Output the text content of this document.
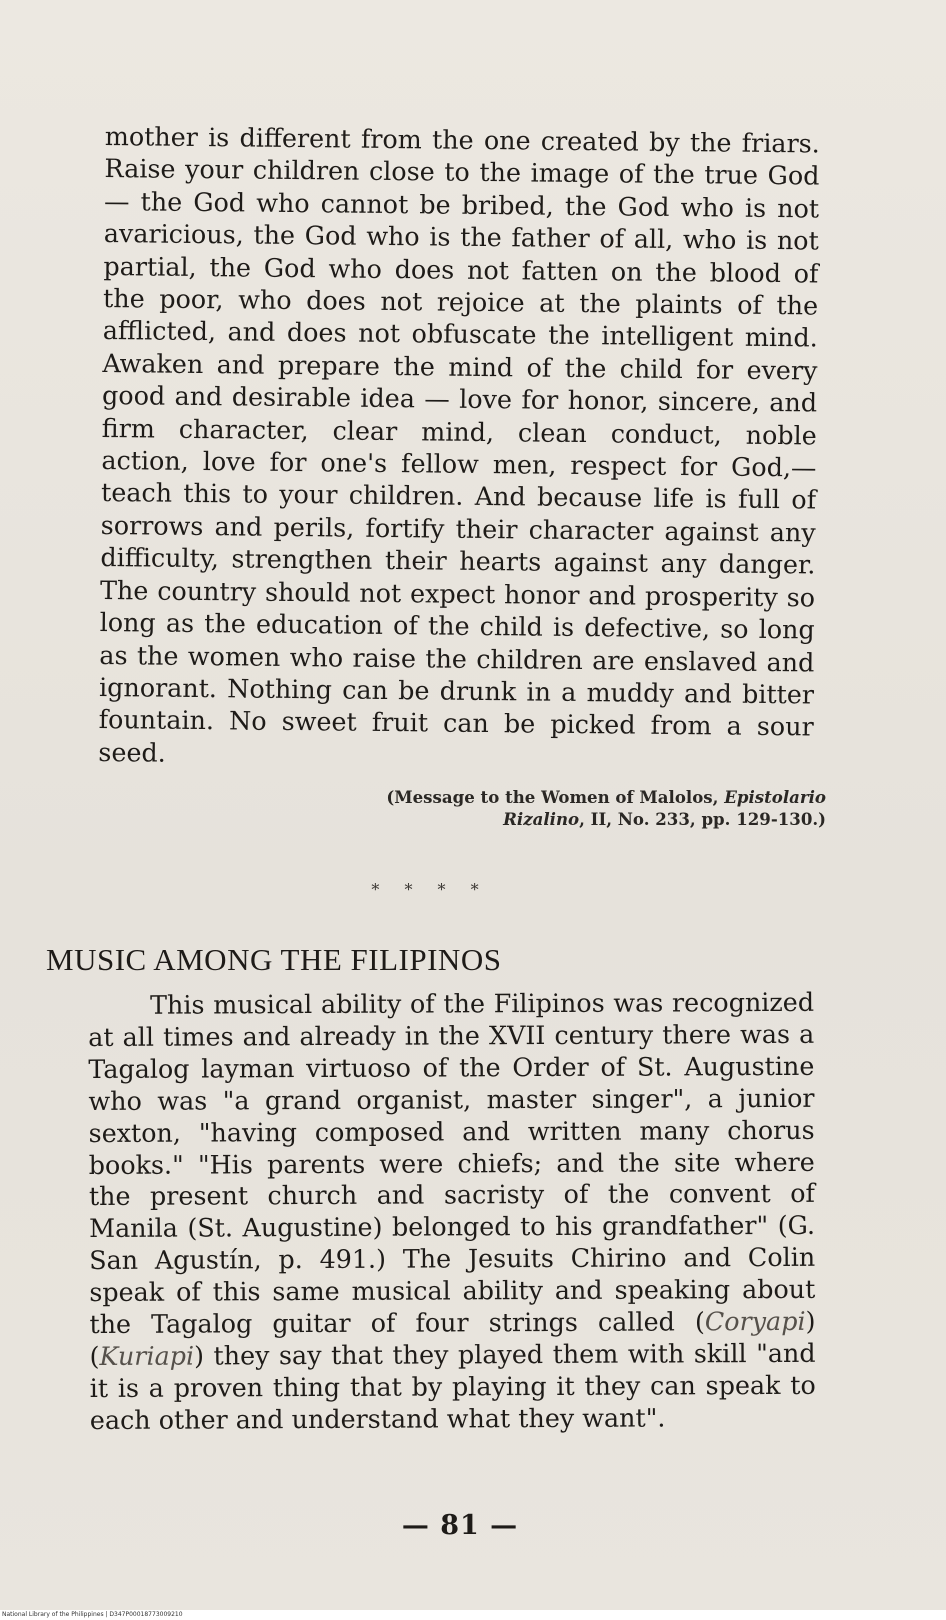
mother is different from the one created by the friars. Raise your children close to the image of the true God — the God who cannot be bribed, the God who is not avaricious, the God who is the father of all, who is not partial, the God who does not fatten on the blood of the poor, who does not rejoice at the plaints of the afflicted, and does not obfuscate the intelligent mind. Awaken and prepare the mind of the child for every good and desirable idea — love for honor, sincere, and firm character, clear mind, clean conduct, noble action, love for one's fellow men, respect for God,— teach this to your children. And because life is full of sorrows and perils, fortify their character against any difficulty, strengthen their hearts against any danger. The country should not expect honor and prosperity so long as the education of the child is defective, so long as the women who raise the children are enslaved and ignorant. Nothing can be drunk in a muddy and bitter fountain. No sweet fruit can be picked from a sour seed.

(Message to the Women of Malolos, Epistolario Rizalino, II, No. 233, pp. 129-130.)

* * * *
MUSIC AMONG THE FILIPINOS

This musical ability of the Filipinos was recognized at all times and already in the XVII century there was a Tagalog layman virtuoso of the Order of St. Augustine who was "a grand organist, master singer", a junior sexton, "having composed and written many chorus books." "His parents were chiefs; and the site where the present church and sacristy of the convent of Manila (St. Augustine) belonged to his grandfather" (G. San Agustín, p. 491.) The Jesuits Chirino and Colin speak of this same musical ability and speaking about the Tagalog guitar of four strings called (Coryapi) (Kuriapi) they say that they played them with skill "and it is a proven thing that by playing it they can speak to each other and understand what they want".

— 81 —
National Library of the Philippines | D347P00018773009210
